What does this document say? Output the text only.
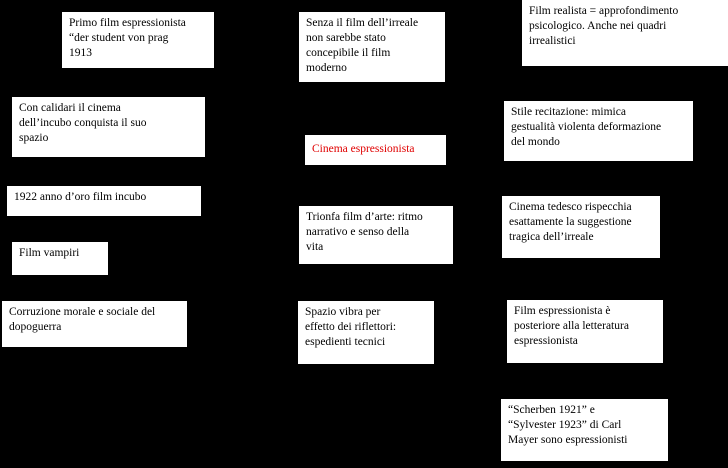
Primo film espressionista
“der student von prag
1913
Senza il film dell’irreale
non sarebbe stato
concepibile il film
moderno
Film realista = approfondimento
psicologico. Anche nei quadri
irrealistici
Con calidari il cinema
dell’incubo conquista il suo
spazio
Cinema espressionista
Stile recitazione: mimica
gestualità violenta deformazione
del mondo
1922 anno d’oro film incubo
Trionfa film d’arte: ritmo
narrativo e senso della
vita
Cinema tedesco rispecchia
esattamente la suggestione
tragica dell’irreale
Film vampiri
Corruzione morale e sociale del
dopoguerra
Spazio vibra per
effetto dei riflettori:
espedienti tecnici
Film espressionista è
posteriore alla letteratura
espressionista
“Scherben 1921” e
“Sylvester 1923” di Carl
Mayer sono espressionisti
